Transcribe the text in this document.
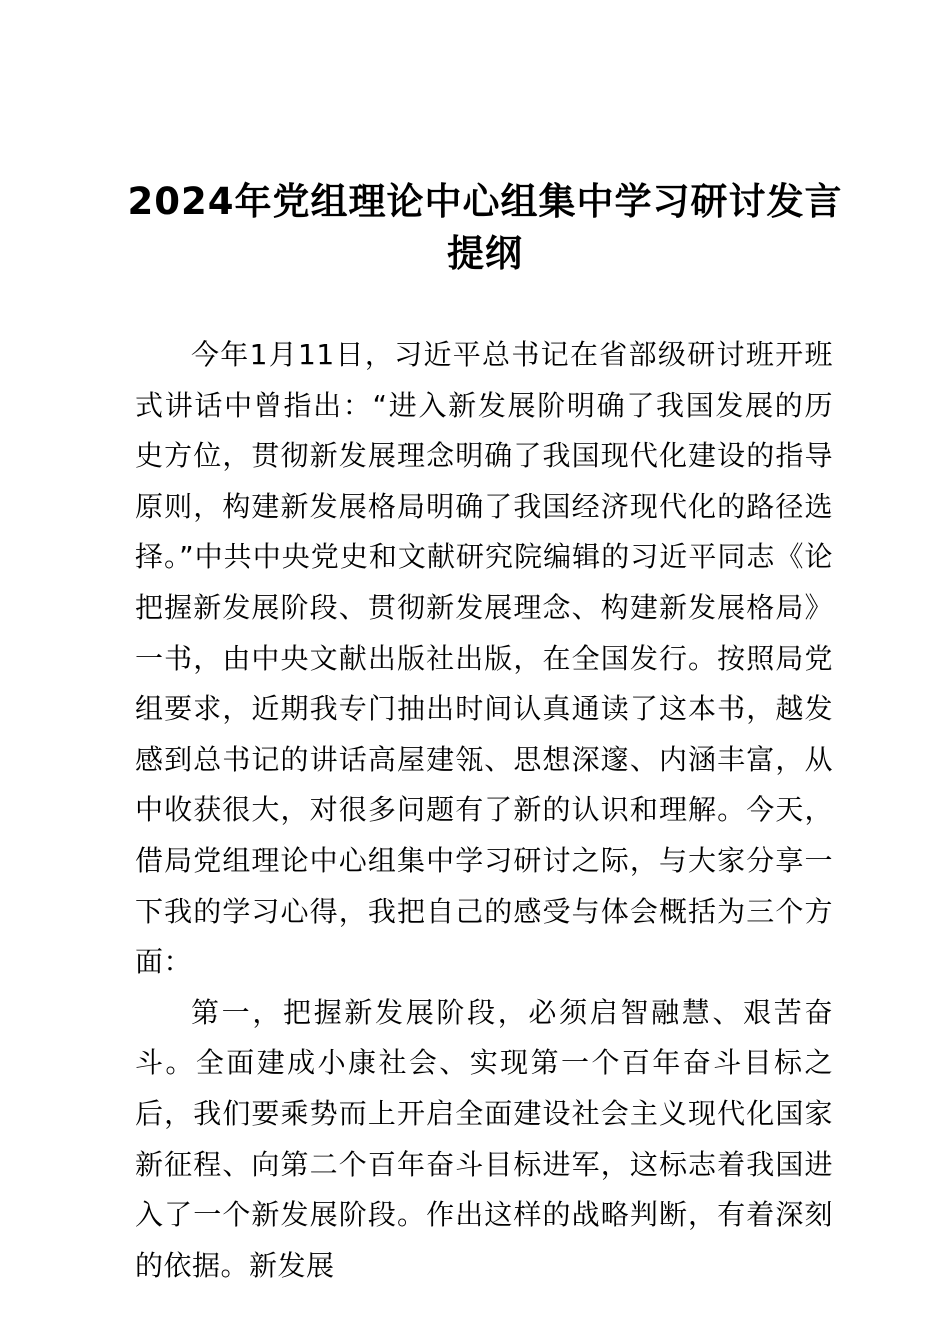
2024年党组理论中心组集中学习研讨发言提纲

今年1月11日，习近平总书记在省部级研讨班开班式讲话中曾指出：“进入新发展阶明确了我国发展的历史方位，贯彻新发展理念明确了我国现代化建设的指导原则，构建新发展格局明确了我国经济现代化的路径选择。”中共中央党史和文献研究院编辑的习近平同志《论把握新发展阶段、贯彻新发展理念、构建新发展格局》一书，由中央文献出版社出版，在全国发行。按照局党组要求，近期我专门抽出时间认真通读了这本书，越发感到总书记的讲话高屋建瓴、思想深邃、内涵丰富，从中收获很大，对很多问题有了新的认识和理解。今天，借局党组理论中心组集中学习研讨之际，与大家分享一下我的学习心得，我把自己的感受与体会概括为三个方面：

第一，把握新发展阶段，必须启智融慧、艰苦奋斗。全面建成小康社会、实现第一个百年奋斗目标之后，我们要乘势而上开启全面建设社会主义现代化国家新征程、向第二个百年奋斗目标进军，这标志着我国进入了一个新发展阶段。作出这样的战略判断，有着深刻的依据。新发展
